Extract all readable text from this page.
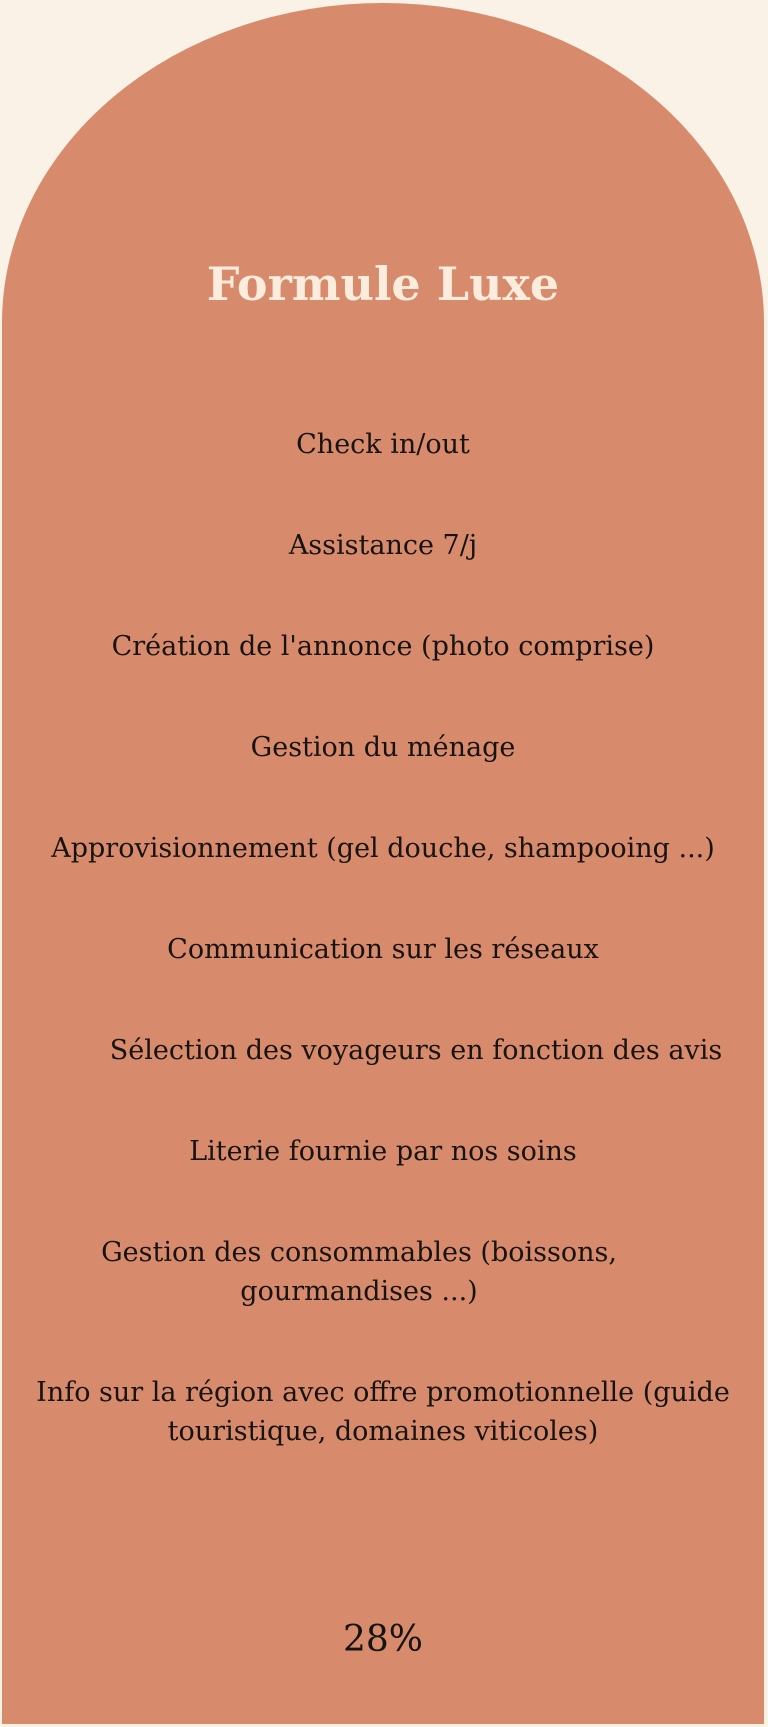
Formule Luxe

Check in/out

Assistance 7/j

Création de l'annonce (photo comprise)

Gestion du ménage

Approvisionnement (gel douche, shampooing ...)

Communication sur les réseaux

Sélection des voyageurs en fonction des avis

Literie fournie par nos soins

Gestion des consommables (boissons, gourmandises ...)

Info sur la région avec offre promotionnelle (guide touristique, domaines viticoles)

28%
